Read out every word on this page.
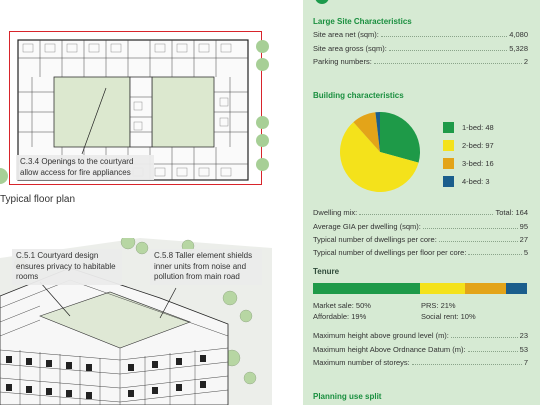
C.3.4 Openings to the courtyard allow access for fire appliances
Typical floor plan
C.5.1 Courtyard design ensures privacy to habitable rooms
C.5.8 Taller element shields inner units from noise and pollution from main road
Large Site Characteristics
Site area net (sqm):	4,080
Site area gross (sqm):	5,328
Parking numbers:	2
Building characteristics
1-bed: 48
2-bed: 97
3-bed: 16
4-bed: 3
Dwelling mix:	Total: 164
Average GIA per dwelling (sqm):	95
Typical number of dwellings per core:	27
Typical number of dwellings per floor per core:	5
Tenure
Market sale: 50%	PRS: 21%
Affordable: 19%	Social rent: 10%
Maximum height above ground level (m):	23
Maximum height Above Ordnance Datum (m):	53
Maximum number of storeys:	7
Planning use split
